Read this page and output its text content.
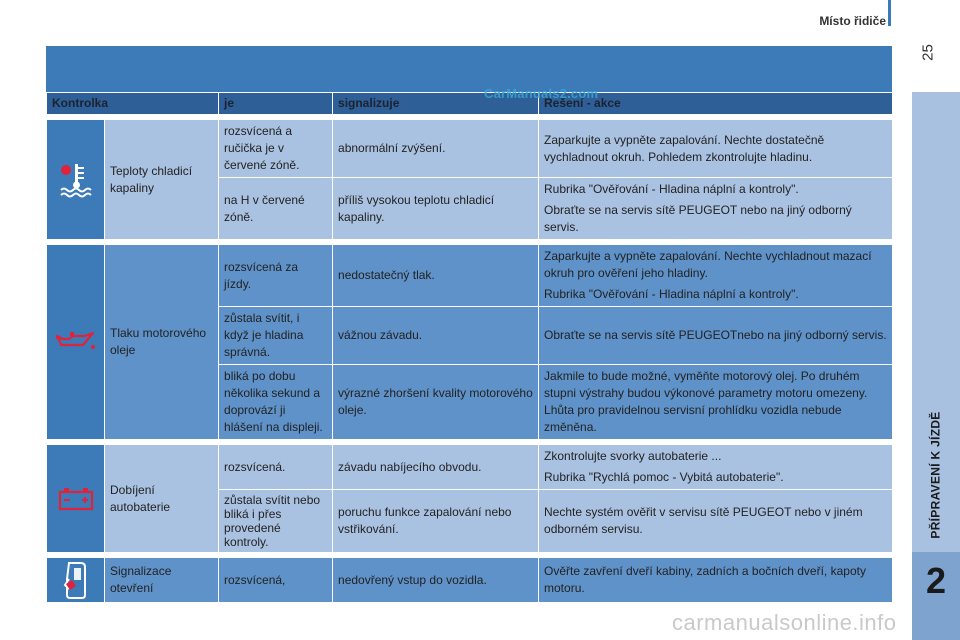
Místo řidiče
25
PŘÍPRAVENÍ K JÍZDĚ
2
Kontrolka		je	signalizuje	Řešení - akce

	Teploty chladicí kapaliny	rozsvícená a ručička je v červené zóně.	abnormální zvýšení.	Zaparkujte a vypněte zapalování. Nechte dostatečně vychladnout okruh. Pohledem zkontrolujte hladinu.

		na H v červené zóně.	příliš vysokou teplotu chladicí kapaliny.	Rubrika "Ověřování - Hladina náplní a kontroly".

Obraťte se na servis sítě PEUGEOT nebo na jiný odborný servis.

	Tlaku motorového oleje	rozsvícená za jízdy.	nedostatečný tlak.	Zaparkujte a vypněte zapalování. Nechte vychladnout mazací okruh pro ověření jeho hladiny.

Rubrika "Ověřování - Hladina náplní a kontroly".

		zůstala svítit, i když je hladina správná.	vážnou závadu.	Obraťte se na servis sítě PEUGEOTnebo na jiný odborný servis.

		bliká po dobu několika sekund a doprovází ji hlášení na displeji.	výrazné zhoršení kvality motorového oleje.	Jakmile to bude možné, vyměňte motorový olej. Po druhém stupni výstrahy budou výkonové parametry motoru omezeny. Lhůta pro pravidelnou servisní prohlídku vozidla nebude změněna.

	Dobíjení autobaterie	rozsvícená.	závadu nabíjecího obvodu.	Zkontrolujte svorky autobaterie ...

Rubrika "Rychlá pomoc - Vybitá autobaterie".

		zůstala svítit nebo bliká i přes provedené kontroly.	poruchu funkce zapalování nebo vstřikování.	Nechte systém ověřit v servisu sítě PEUGEOT nebo v jiném odborném servisu.

	Signalizace otevření	rozsvícená,	nedovřený vstup do vozidla.	Ověřte zavření dveří kabiny, zadních a bočních dveří, kapoty motoru.

CarManuals2.com
carmanualsonline.info
